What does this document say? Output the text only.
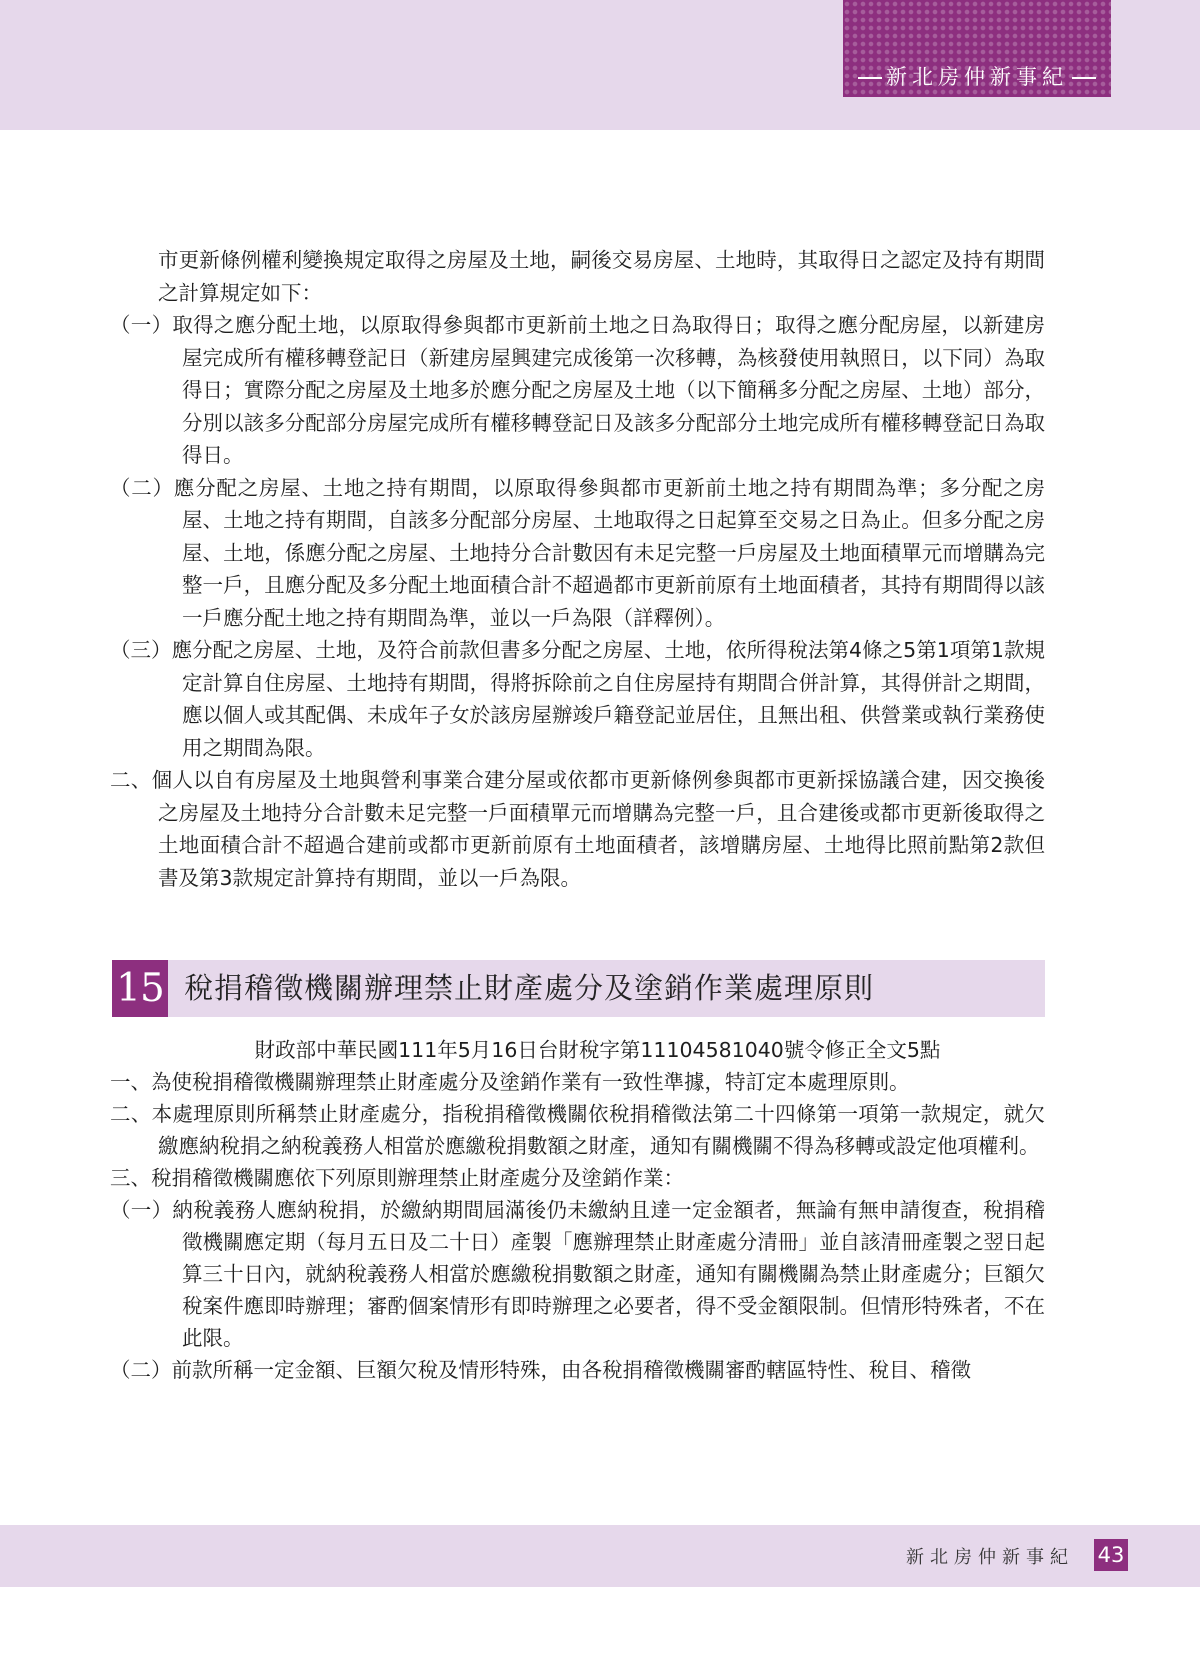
新北房仲新事紀
市更新條例權利變換規定取得之房屋及土地，嗣後交易房屋、土地時，其取得日之認定及持有期間之計算規定如下：
（一）取得之應分配土地，以原取得參與都市更新前土地之日為取得日；取得之應分配房屋，以新建房屋完成所有權移轉登記日（新建房屋興建完成後第一次移轉，為核發使用執照日，以下同）為取得日；實際分配之房屋及土地多於應分配之房屋及土地（以下簡稱多分配之房屋、土地）部分，分別以該多分配部分房屋完成所有權移轉登記日及該多分配部分土地完成所有權移轉登記日為取得日。
（二）應分配之房屋、土地之持有期間，以原取得參與都市更新前土地之持有期間為準；多分配之房屋、土地之持有期間，自該多分配部分房屋、土地取得之日起算至交易之日為止。但多分配之房屋、土地，係應分配之房屋、土地持分合計數因有未足完整一戶房屋及土地面積單元而增購為完整一戶，且應分配及多分配土地面積合計不超過都市更新前原有土地面積者，其持有期間得以該一戶應分配土地之持有期間為準，並以一戶為限（詳釋例）。
（三）應分配之房屋、土地，及符合前款但書多分配之房屋、土地，依所得稅法第4條之5第1項第1款規定計算自住房屋、土地持有期間，得將拆除前之自住房屋持有期間合併計算，其得併計之期間，應以個人或其配偶、未成年子女於該房屋辦竣戶籍登記並居住，且無出租、供營業或執行業務使用之期間為限。
二、個人以自有房屋及土地與營利事業合建分屋或依都市更新條例參與都市更新採協議合建，因交換後之房屋及土地持分合計數未足完整一戶面積單元而增購為完整一戶，且合建後或都市更新後取得之土地面積合計不超過合建前或都市更新前原有土地面積者，該增購房屋、土地得比照前點第2款但書及第3款規定計算持有期間，並以一戶為限。
15 稅捐稽徵機關辦理禁止財產處分及塗銷作業處理原則
財政部中華民國111年5月16日台財稅字第11104581040號令修正全文5點
一、為使稅捐稽徵機關辦理禁止財產處分及塗銷作業有一致性準據，特訂定本處理原則。
二、本處理原則所稱禁止財產處分，指稅捐稽徵機關依稅捐稽徵法第二十四條第一項第一款規定，就欠繳應納稅捐之納稅義務人相當於應繳稅捐數額之財產，通知有關機關不得為移轉或設定他項權利。
三、稅捐稽徵機關應依下列原則辦理禁止財產處分及塗銷作業：
（一）納稅義務人應納稅捐，於繳納期間屆滿後仍未繳納且達一定金額者，無論有無申請復查，稅捐稽徵機關應定期（每月五日及二十日）產製「應辦理禁止財產處分清冊」並自該清冊產製之翌日起算三十日內，就納稅義務人相當於應繳稅捐數額之財產，通知有關機關為禁止財產處分；巨額欠稅案件應即時辦理；審酌個案情形有即時辦理之必要者，得不受金額限制。但情形特殊者，不在此限。
（二）前款所稱一定金額、巨額欠稅及情形特殊，由各稅捐稽徵機關審酌轄區特性、稅目、稽徵
新北房仲新事紀 43
